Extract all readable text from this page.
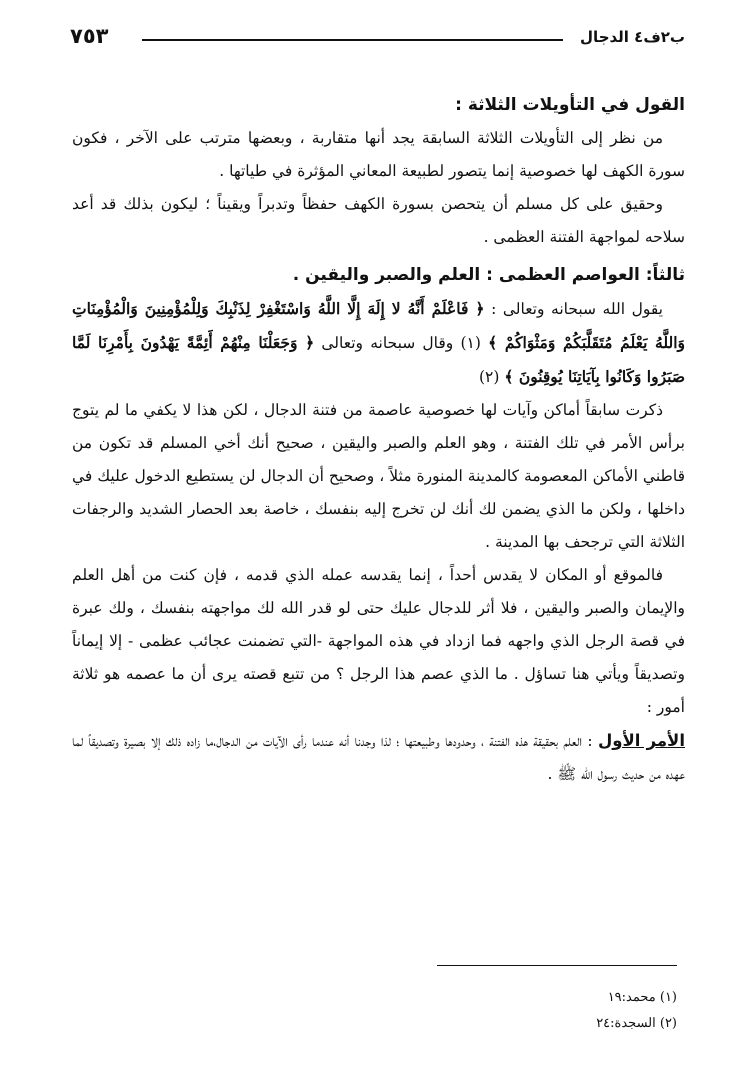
ب٢ف٤ الدجال
٧٥٣

القول في التأويلات الثلاثة :

من نظر إلى التأويلات الثلاثة السابقة يجد أنها متقاربة ، وبعضها مترتب على الآخر ، فكون سورة الكهف لها خصوصية إنما يتصور لطبيعة المعاني المؤثرة في طياتها .

وحقيق على كل مسلم أن يتحصن بسورة الكهف حفظاً وتدبراً ويقيناً ؛ ليكون بذلك قد أعد سلاحه لمواجهة الفتنة العظمى .

ثالثاً: العواصم العظمى : العلم والصبر واليقين .

يقول الله سبحانه وتعالى : ﴿ فَاعْلَمْ أَنَّهُ لا إِلَهَ إِلَّا اللَّهُ وَاسْتَغْفِرْ لِذَنْبِكَ وَلِلْمُؤْمِنِينَ وَالْمُؤْمِنَاتِ وَاللَّهُ يَعْلَمُ مُتَقَلَّبَكُمْ وَمَثْوَاكُمْ ﴾ (١) وقال سبحانه وتعالى ﴿ وَجَعَلْنَا مِنْهُمْ أَئِمَّةً يَهْدُونَ بِأَمْرِنَا لَمَّا صَبَرُوا وَكَانُوا بِآيَاتِنَا يُوقِنُونَ ﴾ (٢)

ذكرت سابقاً أماكن وآيات لها خصوصية عاصمة من فتنة الدجال ، لكن هذا لا يكفي ما لم يتوج برأس الأمر في تلك الفتنة ، وهو العلم والصبر واليقين ، صحيح أنك أخي المسلم قد تكون من قاطني الأماكن المعصومة كالمدينة المنورة مثلاً ، وصحيح أن الدجال لن يستطيع الدخول عليك في داخلها ، ولكن ما الذي يضمن لك أنك لن تخرج إليه بنفسك ، خاصة بعد الحصار الشديد والرجفات الثلاثة التي ترجحف بها المدينة .

فالموقع أو المكان لا يقدس أحداً ، إنما يقدسه عمله الذي قدمه ، فإن كنت من أهل العلم والإيمان والصبر واليقين ، فلا أثر للدجال عليك حتى لو قدر الله لك مواجهته بنفسك ، ولك عبرة في قصة الرجل الذي واجهه فما ازداد في هذه المواجهة -التي تضمنت عجائب عظمى - إلا إيماناً وتصديقاً ويأتي هنا تساؤل . ما الذي عصم هذا الرجل ؟ من تتبع قصته يرى أن ما عصمه هو ثلاثة أمور :

الأمر الأول : العلم بحقيقة هذه الفتنة ، وحدودها وطبيعتها ؛ لذا وجدنا أنه عندما رأى الآيات من الدجال،ما زاده ذلك إلا بصيرة وتصديقاً لما عهده من حديث رسول الله ﷺ .

(١) محمد:١٩
(٢) السجدة:٢٤
